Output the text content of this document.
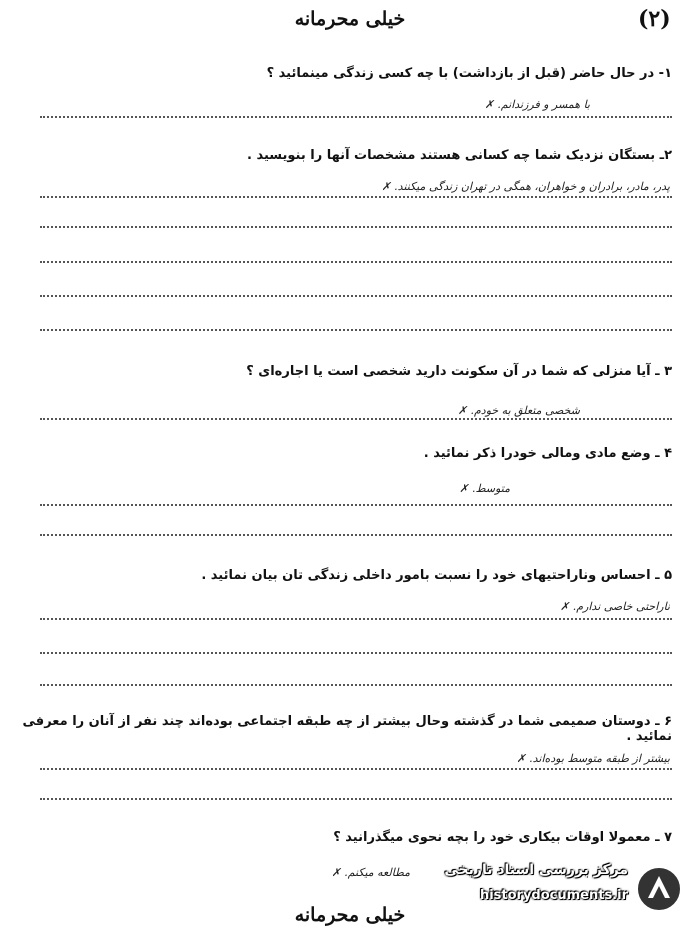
خیلی محرمانه	(۲)
۱- در حال حاضر (قبل از بازداشت) با چه کسی زندگی مینمائید ؟
با همسر و فرزندانم. ✗
۲ـ بستگان نزدیک شما چه کسانی هستند مشخصات آنها را بنویسید .
پدر، مادر، برادران و خواهران، همگی در تهران زندگی میکنند. ✗
۳ ـ آیا منزلی که شما در آن سکونت دارید شخصی است یا اجاره‌ای ؟
شخصی متعلق به خودم. ✗
۴ ـ وضع مادی ومالی خودرا ذکر نمائید .
متوسط. ✗
۵ ـ احساس وناراحتیهای خود را نسبت بامور داخلی زندگی تان بیان نمائید .
ناراحتی خاصی ندارم. ✗
۶ ـ دوستان صمیمی شما در گذشته وحال بیشتر از چه طبقه اجتماعی بوده‌اند چند نفر از آنان را معرفی نمائید .
بیشتر از طبقه متوسط بوده‌اند. ✗
۷ ـ معمولا اوقات بیکاری خود را بچه نحوی میگذرانید ؟
مطالعه میکنم. ✗ مرکز بررسی اسناد تاریخی
historydocuments.ir
خیلی محرمانه
